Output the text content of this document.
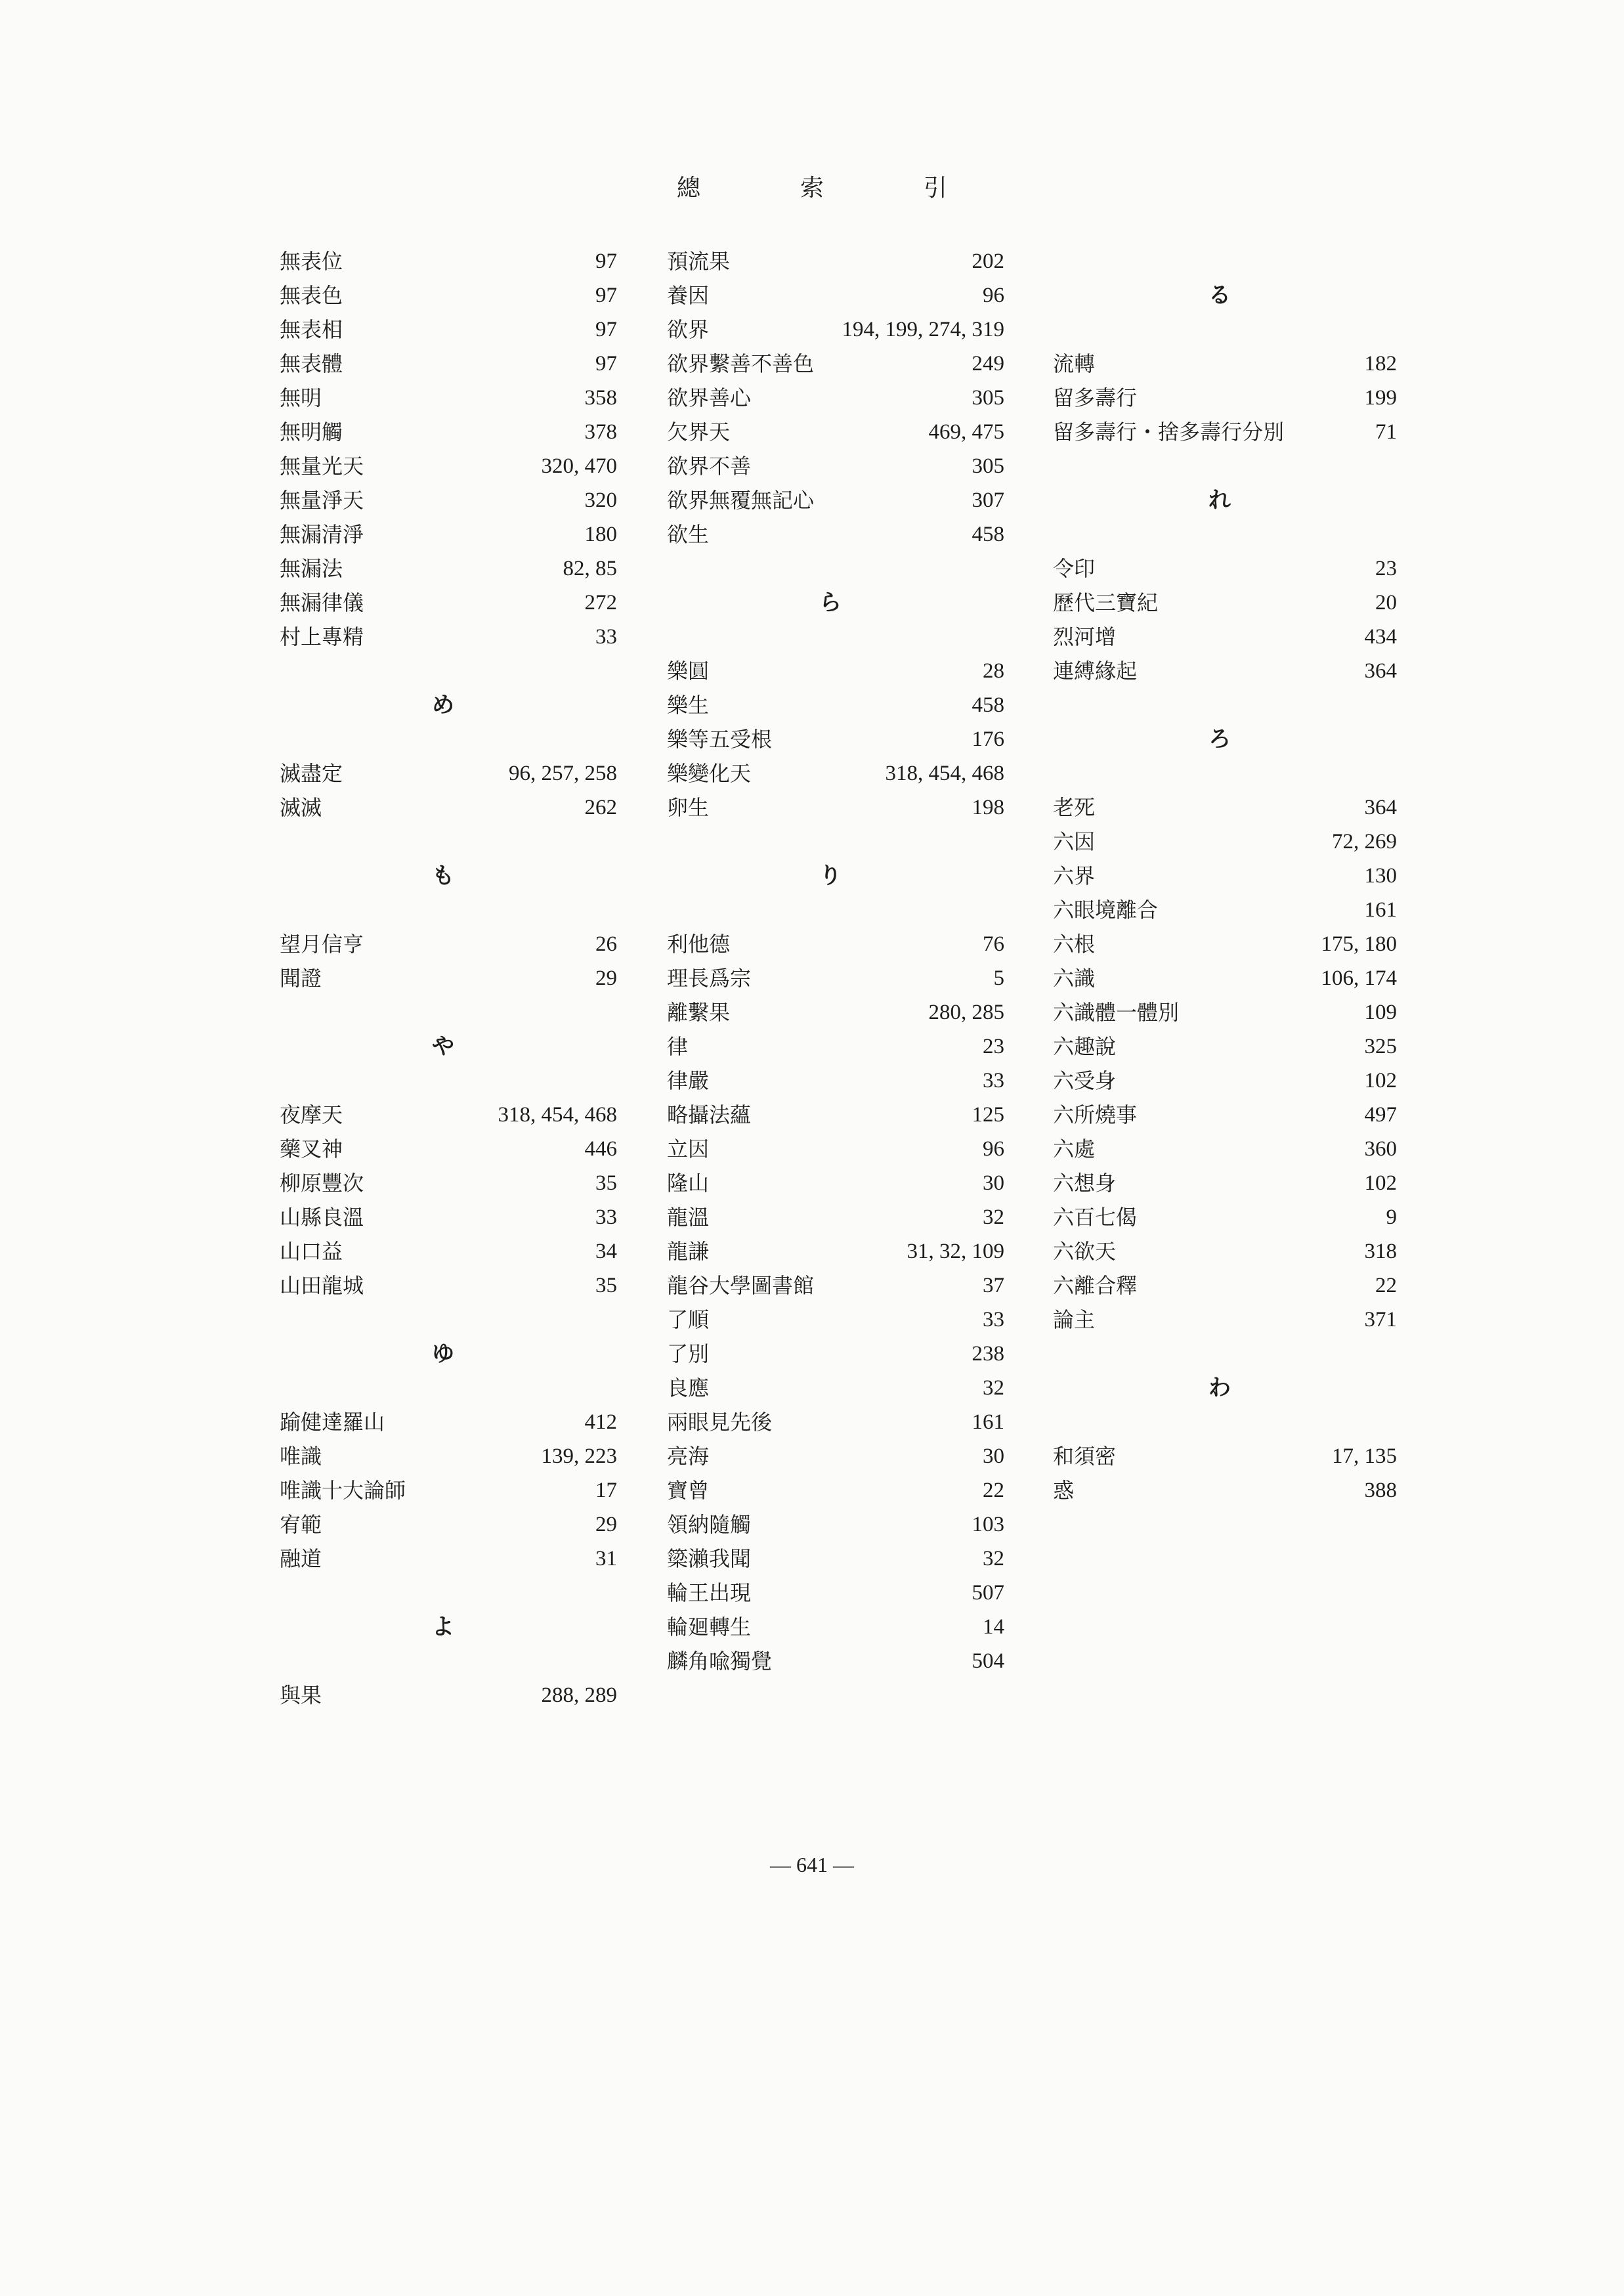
總　索　引
無表位	97
無表色	97
無表相	97
無表體	97
無明	358
無明觸	378
無量光天	320, 470
無量淨天	320
無漏清淨	180
無漏法	82, 85
無漏律儀	272
村上專精	33
め
滅盡定	96, 257, 258
滅滅	262
も
望月信亨	26
聞證	29
や
夜摩天	318, 454, 468
藥叉神	446
柳原豐次	35
山縣良溫	33
山口益	34
山田龍城	35
ゆ
踰健達羅山	412
唯識	139, 223
唯識十大論師	17
宥範	29
融道	31
よ
與果	288, 289
預流果	202
養因	96
欲界	194, 199, 274, 319
欲界繫善不善色	249
欲界善心	305
欠界天	469, 475
欲界不善	305
欲界無覆無記心	307
欲生	458
ら
樂圓	28
樂生	458
樂等五受根	176
樂變化天	318, 454, 468
卵生	198
り
利他德	76
理長爲宗	5
離繫果	280, 285
律	23
律嚴	33
略攝法蘊	125
立因	96
隆山	30
龍溫	32
龍謙	31, 32, 109
龍谷大學圖書館	37
了順	33
了別	238
良應	32
兩眼見先後	161
亮海	30
寶曾	22
領納隨觸	103
簗瀨我聞	32
輪王出現	507
輪廻轉生	14
麟角喩獨覺	504
る
流轉	182
留多壽行	199
留多壽行・捨多壽行分別	71
れ
令印	23
歷代三寶紀	20
烈河增	434
連縛緣起	364
ろ
老死	364
六因	72, 269
六界	130
六眼境離合	161
六根	175, 180
六識	106, 174
六識體一體別	109
六趣說	325
六受身	102
六所燒事	497
六處	360
六想身	102
六百七偈	9
六欲天	318
六離合釋	22
論主	371
わ
和須密	17, 135
惑	388
— 641 —
